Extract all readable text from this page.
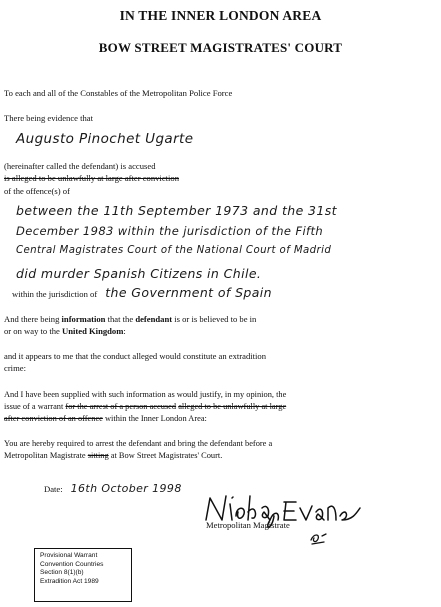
IN THE INNER LONDON AREA
BOW STREET MAGISTRATES' COURT
To each and all of the Constables of the Metropolitan Police Force
There being evidence that
Augusto Pinochet Ugarte
(hereinafter called the defendant) is accused
is alleged to be unlawfully at large after conviction
of the offence(s) of
between the 11th September 1973 and the 31st
December 1983 within the jurisdiction of the Fifth
Central Magistrates Court of the National Court of Madrid
did murder Spanish Citizens in Chile.
within the jurisdiction of the Government of Spain
And there being information that the defendant is or is believed to be in
or on way to the United Kingdom:
and it appears to me that the conduct alleged would constitute an extradition
crime:
And I have been supplied with such information as would justify, in my opinion, the
issue of a warrant for the arrest of a person accused alleged to be unlawfully at large
after conviction of an offence within the Inner London Area:
You are hereby required to arrest the defendant and bring the defendant before a
Metropolitan Magistrate sitting at Bow Street Magistrates' Court.
Date: 16th October 1998
Metropolitan Magistrate
Provisional Warrant
Convention Countries
Section 8(1)(b)
Extradition Act 1989
